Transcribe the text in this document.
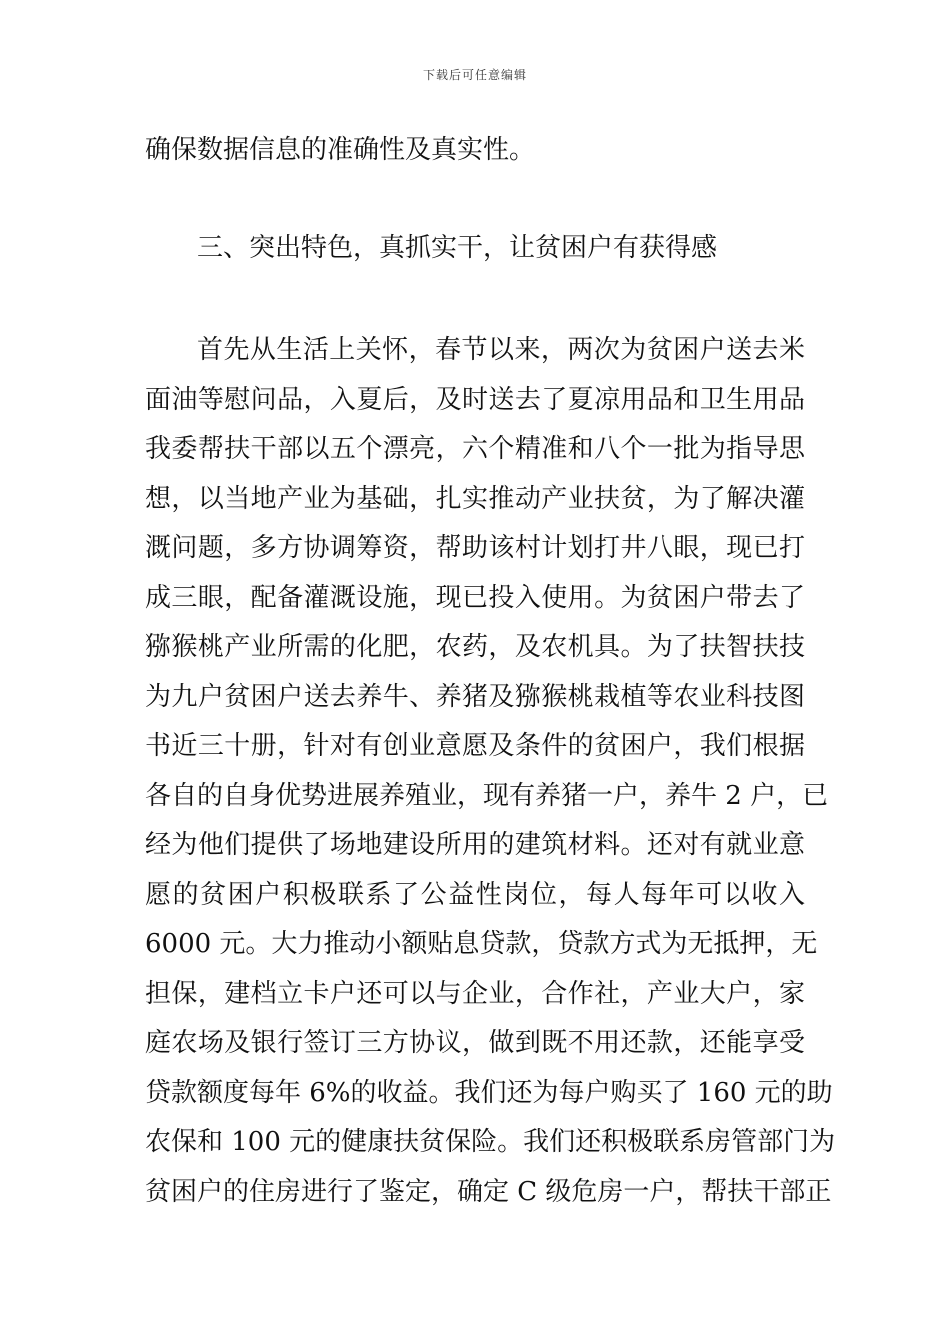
下载后可任意编辑
确保数据信息的准确性及真实性。
三、突出特色，真抓实干，让贫困户有获得感
首先从生活上关怀，春节以来，两次为贫困户送去米
面油等慰问品，入夏后，及时送去了夏凉用品和卫生用品
我委帮扶干部以五个漂亮，六个精准和八个一批为指导思
想，以当地产业为基础，扎实推动产业扶贫，为了解决灌
溉问题，多方协调筹资，帮助该村计划打井八眼，现已打
成三眼，配备灌溉设施，现已投入使用。为贫困户带去了
猕猴桃产业所需的化肥，农药，及农机具。为了扶智扶技
为九户贫困户送去养牛、养猪及猕猴桃栽植等农业科技图
书近三十册，针对有创业意愿及条件的贫困户，我们根据
各自的自身优势进展养殖业，现有养猪一户，养牛 2 户，已
经为他们提供了场地建设所用的建筑材料。还对有就业意
愿的贫困户积极联系了公益性岗位，每人每年可以收入
6000 元。大力推动小额贴息贷款，贷款方式为无抵押，无
担保，建档立卡户还可以与企业，合作社，产业大户，家
庭农场及银行签订三方协议，做到既不用还款，还能享受
贷款额度每年 6%的收益。我们还为每户购买了 160 元的助
农保和 100 元的健康扶贫保险。我们还积极联系房管部门为
贫困户的住房进行了鉴定，确定 C 级危房一户，帮扶干部正
